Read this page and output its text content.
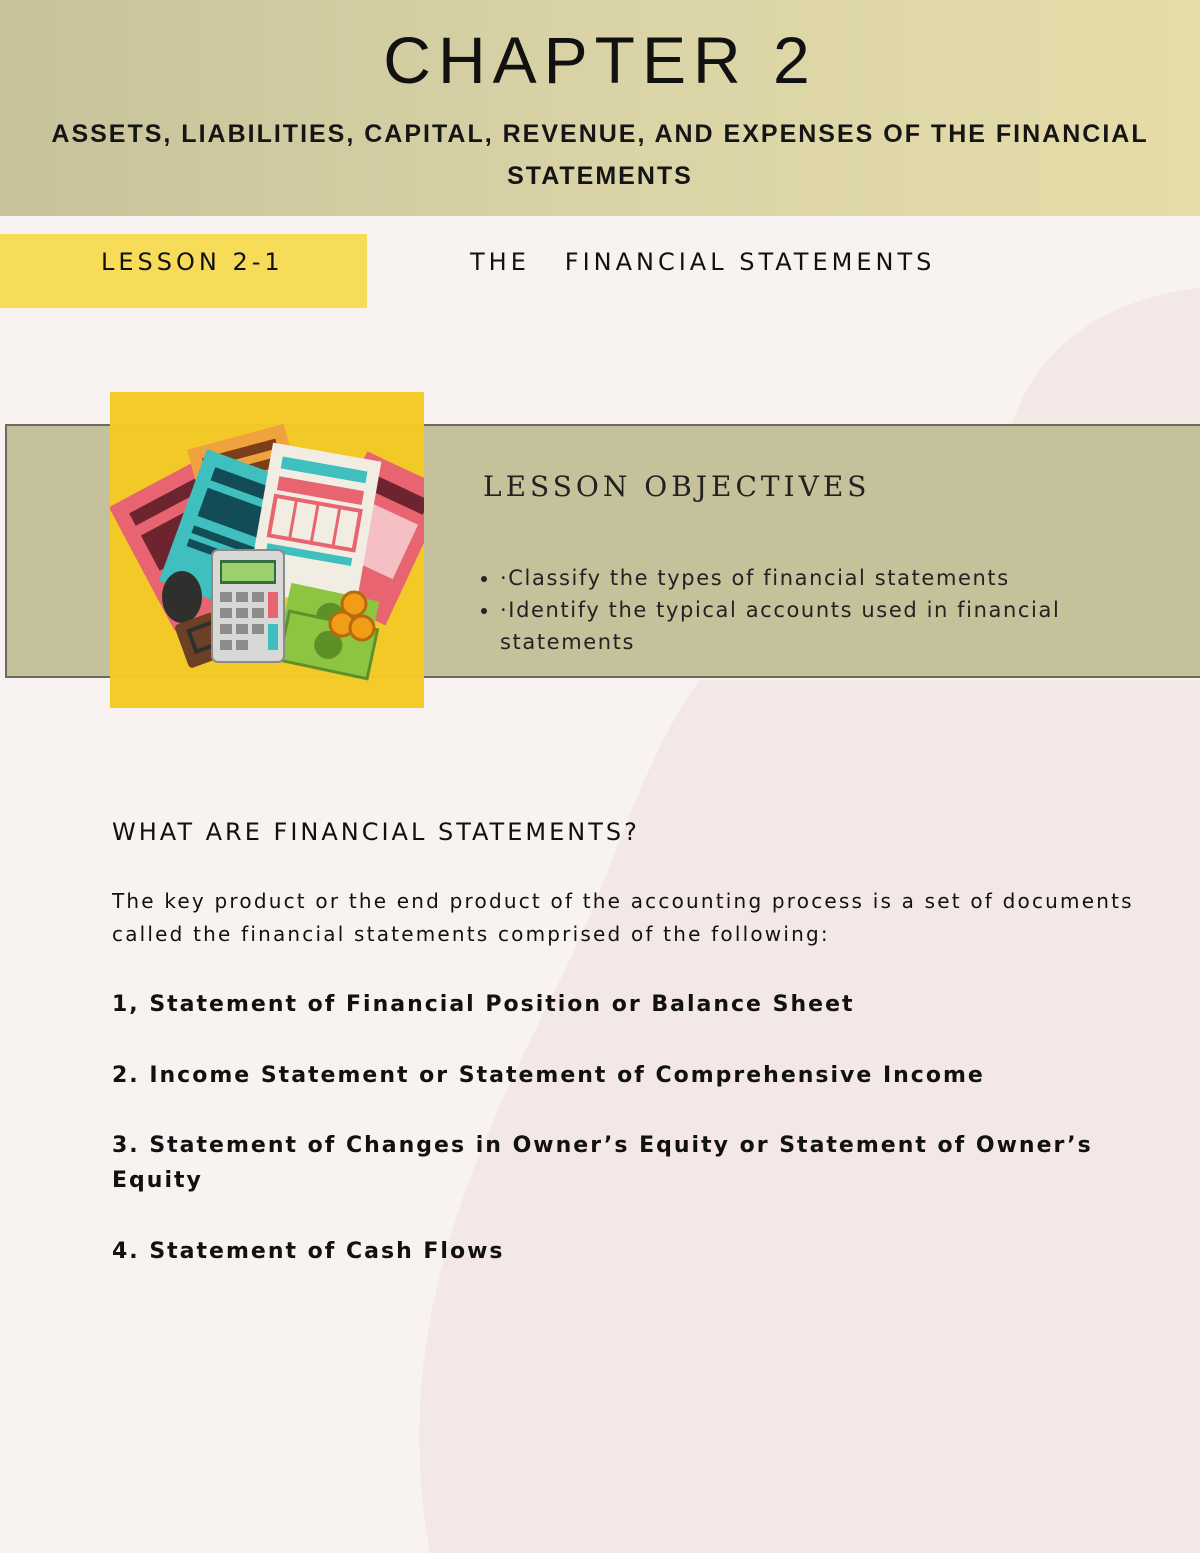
CHAPTER 2

ASSETS, LIABILITIES, CAPITAL, REVENUE, AND EXPENSES OF THE FINANCIAL STATEMENTS

LESSON 2-1	THE   FINANCIAL STATEMENTS
LESSON OBJECTIVES
• ·Classify the types of financial statements
• ·Identify the typical accounts used in financial statements
WHAT ARE FINANCIAL STATEMENTS?

The key product or the end product of the accounting process is a set of documents called the financial statements comprised of the following:

1, Statement of Financial Position or Balance Sheet

2. Income Statement or Statement of Comprehensive Income

3. Statement of Changes in Owner’s Equity or Statement of Owner’s Equity

4. Statement of Cash Flows
